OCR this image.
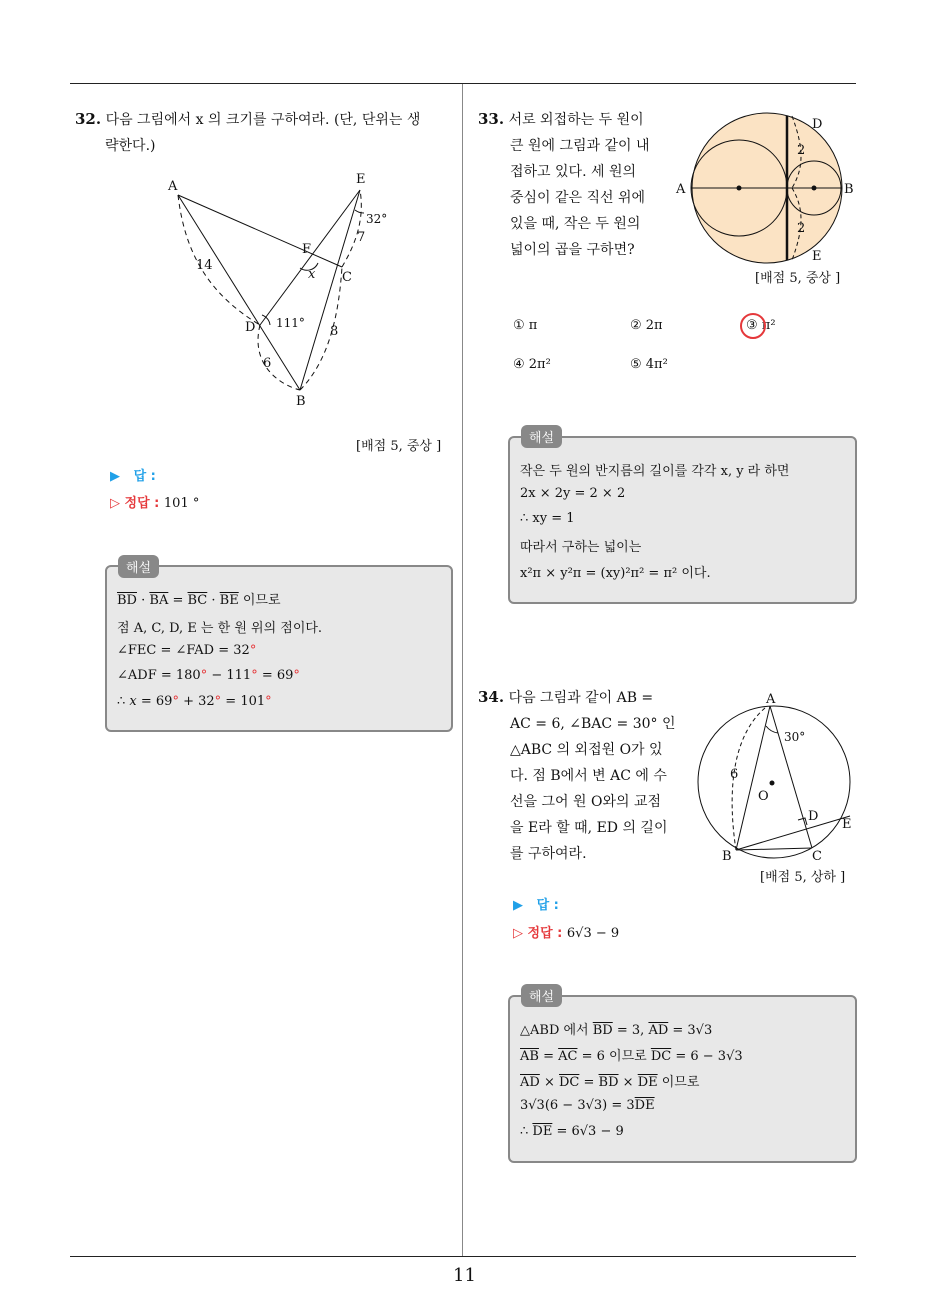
11
32. 다음 그림에서 x 의 크기를 구하여라. (단, 단위는 생
략한다.)
A	E
F
C
D
B
x
14
7
8
6
32°
111°
[배점 5, 중상 ]
▶ 답 :
▷ 정답 : 101 °
$\overline{BD} \cdot \overline{BA} = \overline{BC} \cdot \overline{BE}$ 이므로
점 A, C, D, E 는 한 원 위의 점이다.
∠FEC = ∠FAD = 32°
∠ADF = 180° − 111° = 69°
∴ x = 69° + 32° = 101°
해설
33. 서로 외접하는 두 원이
큰 원에 그림과 같이 내
접하고 있다. 세 원의
중심이 같은 직선 위에
있을 때, 작은 두 원의
넓이의 곱을 구하면?
A	B
D
E
2
2
[배점 5, 중상 ]
① π	② 2π	③ π²
④ 2π²	⑤ 4π²
작은 두 원의 반지름의 길이를 각각 x, y 라 하면
2x × 2y = 2 × 2
∴ xy = 1
따라서 구하는 넓이는
x²π × y²π = (xy)²π² = π² 이다.
해설
34. 다음 그림과 같이 AB =
AC = 6, ∠BAC = 30° 인
△ABC 의 외접원 O가 있
다. 점 B에서 변 AC 에 수
선을 그어 원 O와의 교점
을 E라 할 때, ED 의 길이
를 구하여라.
A
B	C
D
E
O
6
30°
[배점 5, 상하 ]
▶ 답 :
▷ 정답 : 6√3 − 9
△ABD 에서 $\overline{BD} = 3$, $\overline{AD} = 3√3$
$\overline{AB} = \overline{AC} = 6$ 이므로 $\overline{DC} = 6 - 3√3$
$\overline{AD} \times \overline{DC} = \overline{BD} \times \overline{DE}$ 이므로
$3√3(6 - 3√3) = 3\overline{DE}$
∴ $\overline{DE} = 6√3 - 9$
해설
